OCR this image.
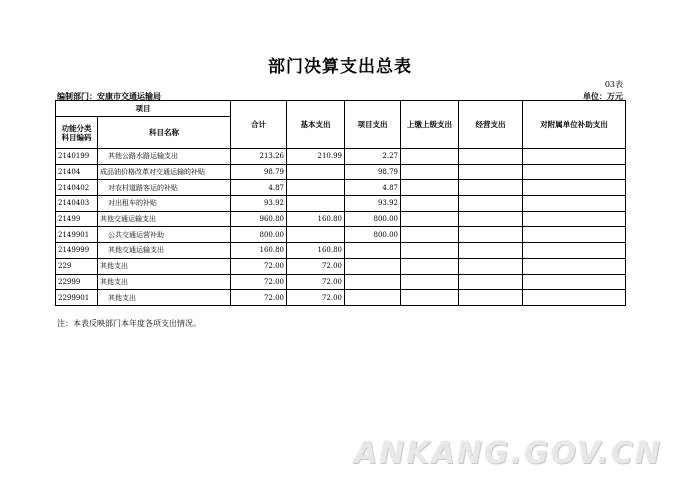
部门决算支出总表
03表
编制部门：安康市交通运输局	单位：万元
项目		合计	基本支出	项目支出	上缴上级支出	经营支出	对附属单位补助支出
功能分类科目编码	科目名称						
2140199	其他公路水路运输支出	213.26	210.99	2.27			
21404	成品油价格改革对交通运输的补贴	98.79		98.79			
2140402	对农村道路客运的补贴	4.87		4.87			
2140403	对出租车的补贴	93.92		93.92			
21499	其他交通运输支出	960.80	160.80	800.00			
2149901	公共交通运营补助	800.00		800.00			
2149999	其他交通运输支出	160.80	160.80				
229	其他支出	72.00	72.00				
22999	其他支出	72.00	72.00				
2299901	其他支出	72.00	72.00				
注：本表反映部门本年度各项支出情况。
ANKANG.GOV.CN
